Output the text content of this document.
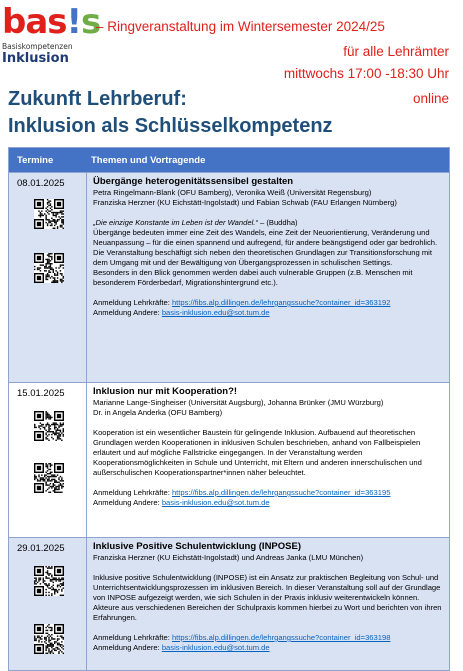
bas!s
Basiskompetenzen
Inklusion
– Ringveranstaltung im Wintersemester 2024/25
für alle Lehrämter
mittwochs 17:00 -18:30 Uhr
online
Zukunft Lehrberuf:
Inklusion als Schlüsselkompetenz
Termine	Themen und Vortragende
08.01.2025	Übergänge heterogenitätssensibel gestalten

Petra Ringelmann-Blank (OFU Bamberg), Veronika Weiß (Universität Regensburg)

Franziska Herzner (KU Eichstätt-Ingolstadt) und Fabian Schwab (FAU Erlangen Nürnberg)

„Die einzige Konstante im Leben ist der Wandel.“ – (Buddha)

Übergänge bedeuten immer eine Zeit des Wandels, eine Zeit der Neuorientierung, Veränderung und Neuanpassung – für die einen spannend und aufregend, für andere beängstigend oder gar bedrohlich. Die Veranstaltung beschäftigt sich neben den theoretischen Grundlagen zur Transitionsforschung mit dem Umgang mit und der Bewältigung von Übergangsprozessen in schulischen Settings.

Besonders in den Blick genommen werden dabei auch vulnerable Gruppen (z.B. Menschen mit besonderem Förderbedarf, Migrationshintergrund etc.).

Anmeldung Lehrkräfte: https://fibs.alp.dillingen.de/lehrgangssuche?container_id=363192

Anmeldung Andere: basis-inklusion.edu@sot.tum.de

15.01.2025	Inklusion nur mit Kooperation?!

Marianne Lange-Singheiser (Universität Augsburg), Johanna Brünker (JMU Würzburg)

Dr. in Angela Anderka (OFU Bamberg)

Kooperation ist ein wesentlicher Baustein für gelingende Inklusion. Aufbauend auf theoretischen Grundlagen werden Kooperationen in inklusiven Schulen beschrieben, anhand von Fallbeispielen erläutert und auf mögliche Fallstricke eingegangen. In der Veranstaltung werden Kooperationsmöglichkeiten in Schule und Unterricht, mit Eltern und anderen innerschulischen und außerschulischen Kooperationspartner*innen näher beleuchtet.

Anmeldung Lehrkräfte: https://fibs.alp.dillingen.de/lehrgangssuche?container_id=363195

Anmeldung Andere: basis-inklusion.edu@sot.tum.de

29.01.2025	Inklusive Positive Schulentwicklung (INPOSE)

Franziska Herzner (KU Eichstätt-Ingolstadt) und Andreas Janka (LMU München)

Inklusive positive Schulentwicklung (INPOSE) ist ein Ansatz zur praktischen Begleitung von Schul- und Unterrichtsentwicklungsprozessen im inklusiven Bereich. In dieser Veranstaltung soll auf der Grundlage von INPOSE aufgezeigt werden, wie sich Schulen in der Praxis inklusiv weiterentwickeln können. Akteure aus verschiedenen Bereichen der Schulpraxis kommen hierbei zu Wort und berichten von ihren Erfahrungen.

Anmeldung Lehrkräfte: https://fibs.alp.dillingen.de/lehrgangssuche?container_id=363198

Anmeldung Andere: basis-inklusion.edu@sot.tum.de
